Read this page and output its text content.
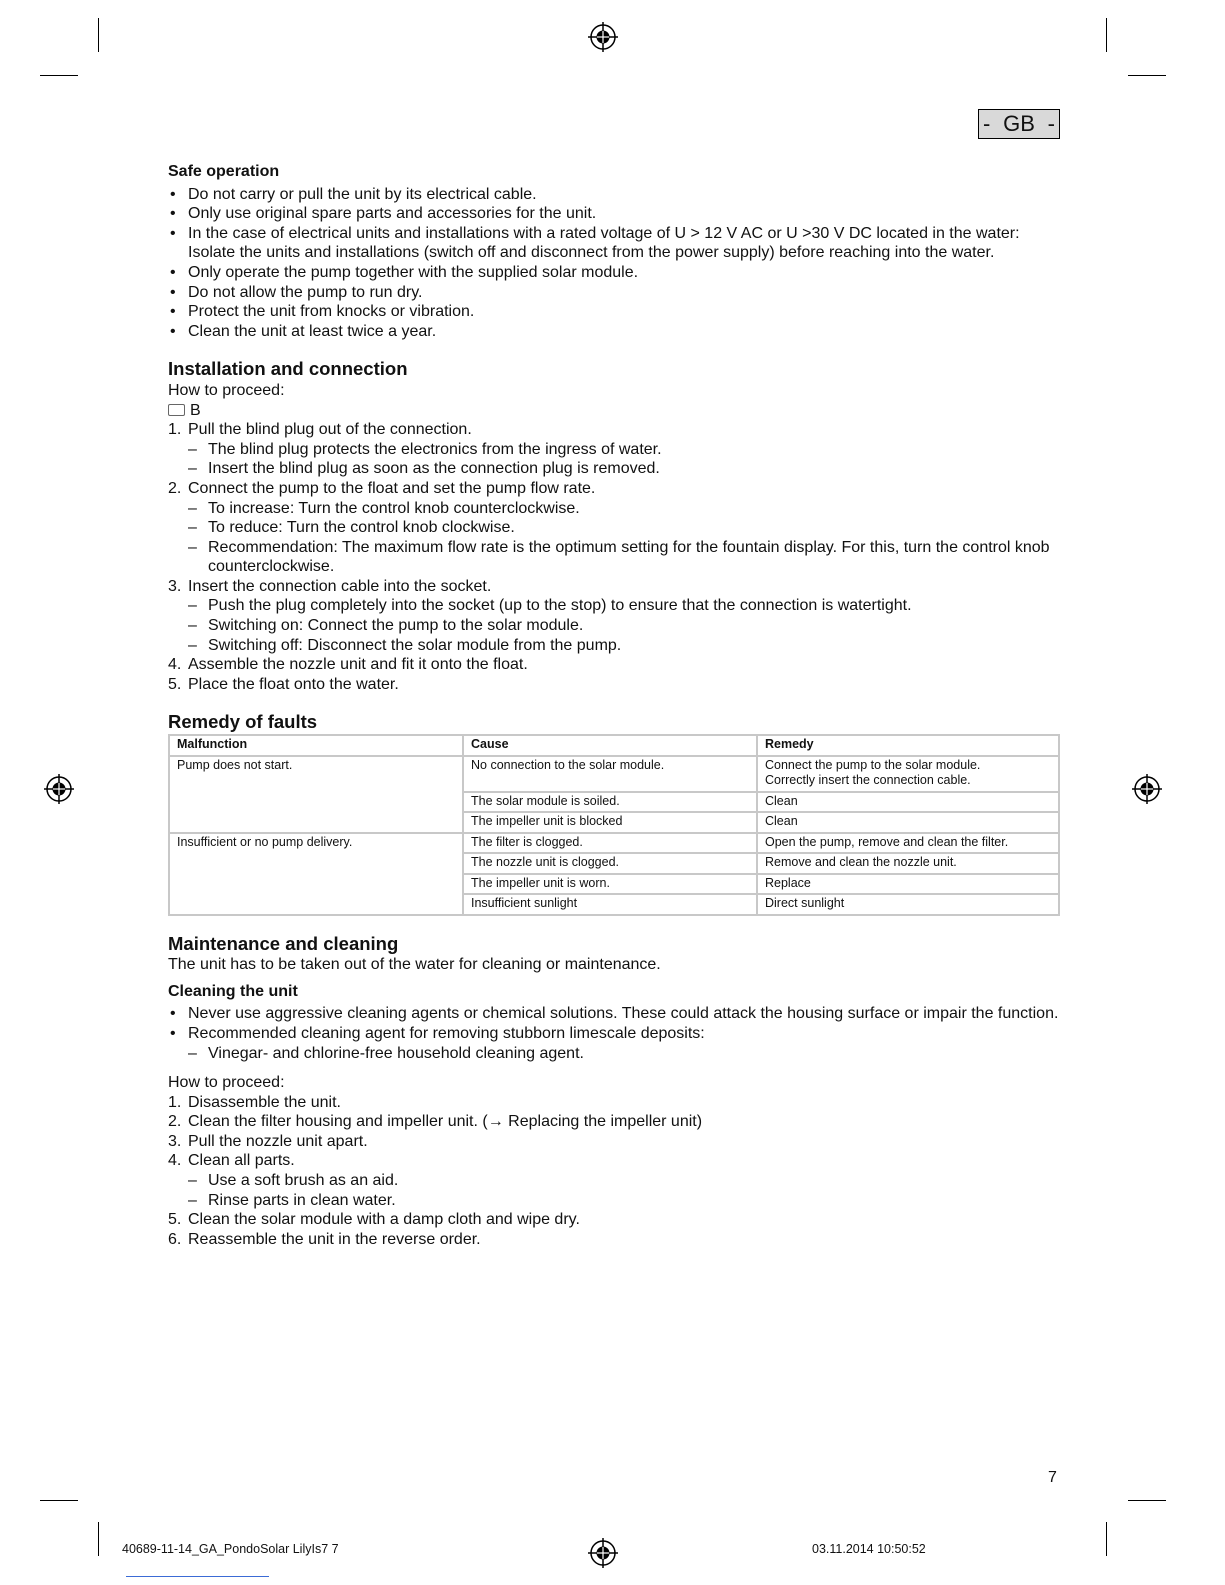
- GB -
Safe operation
• Do not carry or pull the unit by its electrical cable.
• Only use original spare parts and accessories for the unit.
• In the case of electrical units and installations with a rated voltage of U > 12 V AC or U >30 V DC located in the water: Isolate the units and installations (switch off and disconnect from the power supply) before reaching into the water.
• Only operate the pump together with the supplied solar module.
• Do not allow the pump to run dry.
• Protect the unit from knocks or vibration.
• Clean the unit at least twice a year.
Installation and connection
How to proceed:
B
1. Pull the blind plug out of the connection.
– The blind plug protects the electronics from the ingress of water.
– Insert the blind plug as soon as the connection plug is removed.
2. Connect the pump to the float and set the pump flow rate.
– To increase: Turn the control knob counterclockwise.
– To reduce: Turn the control knob clockwise.
– Recommendation: The maximum flow rate is the optimum setting for the fountain display. For this, turn the control knob counterclockwise.
3. Insert the connection cable into the socket.
– Push the plug completely into the socket (up to the stop) to ensure that the connection is watertight.
– Switching on: Connect the pump to the solar module.
– Switching off: Disconnect the solar module from the pump.
4. Assemble the nozzle unit and fit it onto the float.
5. Place the float onto the water.
Remedy of faults
Malfunction	Cause	Remedy
Pump does not start.	No connection to the solar module.	Connect the pump to the solar module.
Correctly insert the connection cable.

	The solar module is soiled.	Clean
	The impeller unit is blocked	Clean
Insufficient or no pump delivery.	The filter is clogged.	Open the pump, remove and clean the filter.
	The nozzle unit is clogged.	Remove and clean the nozzle unit.
	The impeller unit is worn.	Replace
	Insufficient sunlight	Direct sunlight
Maintenance and cleaning
The unit has to be taken out of the water for cleaning or maintenance.
Cleaning the unit
• Never use aggressive cleaning agents or chemical solutions. These could attack the housing surface or impair the function.
• Recommended cleaning agent for removing stubborn limescale deposits:
– Vinegar- and chlorine-free household cleaning agent.
How to proceed:
1. Disassemble the unit.
2. Clean the filter housing and impeller unit. (→ Replacing the impeller unit)
3. Pull the nozzle unit apart.
4. Clean all parts.
– Use a soft brush as an aid.
– Rinse parts in clean water.
5. Clean the solar module with a damp cloth and wipe dry.
6. Reassemble the unit in the reverse order.
7
40689-11-14_GA_PondoSolar LilyIs7 7	03.11.2014 10:50:52
